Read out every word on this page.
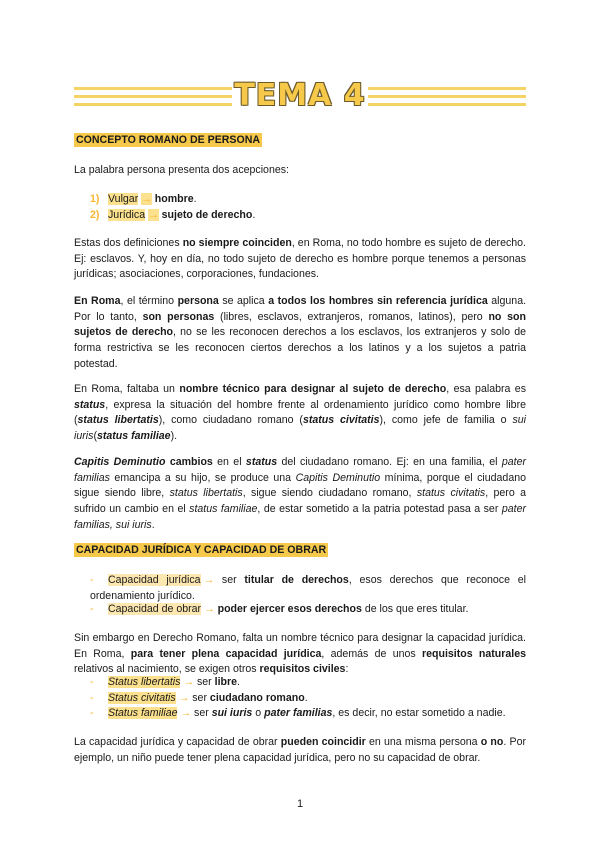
TEMA 4
CONCEPTO ROMANO DE PERSONA
La palabra persona presenta dos acepciones:
1) Vulgar → hombre.
2) Jurídica → sujeto de derecho.
Estas dos definiciones no siempre coinciden, en Roma, no todo hombre es sujeto de derecho. Ej: esclavos. Y, hoy en día, no todo sujeto de derecho es hombre porque tenemos a personas jurídicas; asociaciones, corporaciones, fundaciones.
En Roma, el término persona se aplica a todos los hombres sin referencia jurídica alguna. Por lo tanto, son personas (libres, esclavos, extranjeros, romanos, latinos), pero no son sujetos de derecho, no se les reconocen derechos a los esclavos, los extranjeros y solo de forma restrictiva se les reconocen ciertos derechos a los latinos y a los sujetos a patria potestad.
En Roma, faltaba un nombre técnico para designar al sujeto de derecho, esa palabra es status, expresa la situación del hombre frente al ordenamiento jurídico como hombre libre (status libertatis), como ciudadano romano (status civitatis), como jefe de familia o sui iuris(status familiae).
Capitis Deminutio cambios en el status del ciudadano romano. Ej: en una familia, el pater familias emancipa a su hijo, se produce una Capitis Deminutio mínima, porque el ciudadano sigue siendo libre, status libertatis, sigue siendo ciudadano romano, status civitatis, pero a sufrido un cambio en el status familiae, de estar sometido a la patria potestad pasa a ser pater familias, sui iuris.
CAPACIDAD JURÍDICA Y CAPACIDAD DE OBRAR
- Capacidad jurídica → ser titular de derechos, esos derechos que reconoce el ordenamiento jurídico.
- Capacidad de obrar → poder ejercer esos derechos de los que eres titular.
Sin embargo en Derecho Romano, falta un nombre técnico para designar la capacidad jurídica. En Roma, para tener plena capacidad jurídica, además de unos requisitos naturales relativos al nacimiento, se exigen otros requisitos civiles:
- Status libertatis → ser libre.
- Status civitatis → ser ciudadano romano.
- Status familiae → ser sui iuris o pater familias, es decir, no estar sometido a nadie.
La capacidad jurídica y capacidad de obrar pueden coincidir en una misma persona o no. Por ejemplo, un niño puede tener plena capacidad jurídica, pero no su capacidad de obrar.
1
